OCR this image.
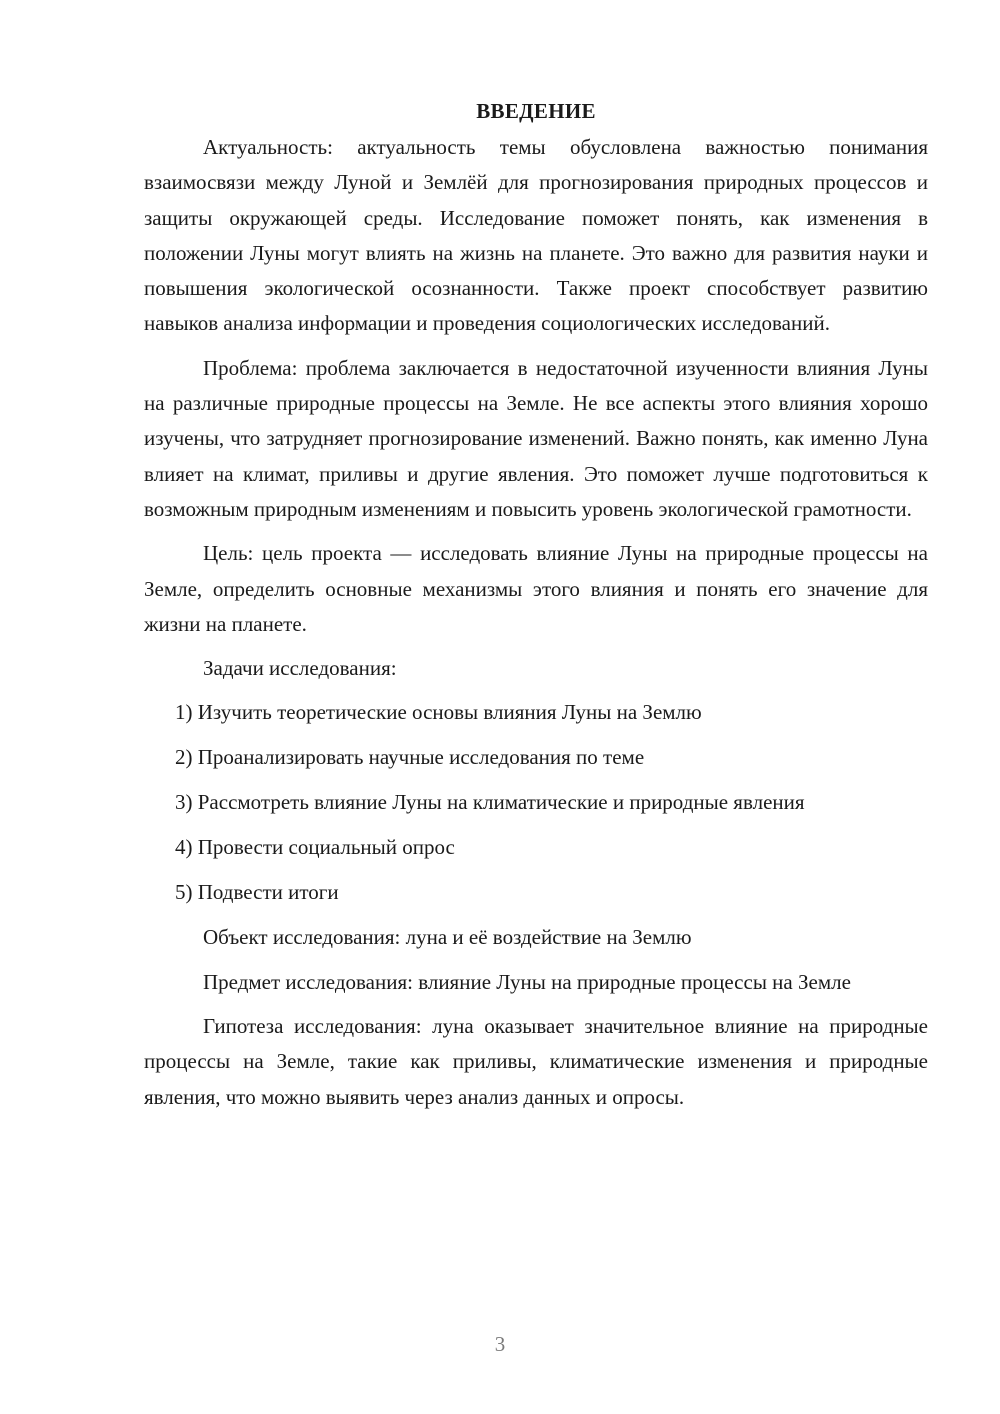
ВВЕДЕНИЕ

Актуальность: актуальность темы обусловлена важностью понимания взаимосвязи между Луной и Землёй для прогнозирования природных процессов и защиты окружающей среды. Исследование поможет понять, как изменения в положении Луны могут влиять на жизнь на планете. Это важно для развития науки и повышения экологической осознанности. Также проект способствует развитию навыков анализа информации и проведения социологических исследований.

Проблема: проблема заключается в недостаточной изученности влияния Луны на различные природные процессы на Земле. Не все аспекты этого влияния хорошо изучены, что затрудняет прогнозирование изменений. Важно понять, как именно Луна влияет на климат, приливы и другие явления. Это поможет лучше подготовиться к возможным природным изменениям и повысить уровень экологической грамотности.

Цель: цель проекта — исследовать влияние Луны на природные процессы на Земле, определить основные механизмы этого влияния и понять его значение для жизни на планете.

Задачи исследования:

1) Изучить теоретические основы влияния Луны на Землю
2) Проанализировать научные исследования по теме
3) Рассмотреть влияние Луны на климатические и природные явления
4) Провести социальный опрос
5) Подвести итоги

Объект исследования: луна и её воздействие на Землю

Предмет исследования: влияние Луны на природные процессы на Земле

Гипотеза исследования: луна оказывает значительное влияние на природные процессы на Земле, такие как приливы, климатические изменения и природные явления, что можно выявить через анализ данных и опросы.

3
